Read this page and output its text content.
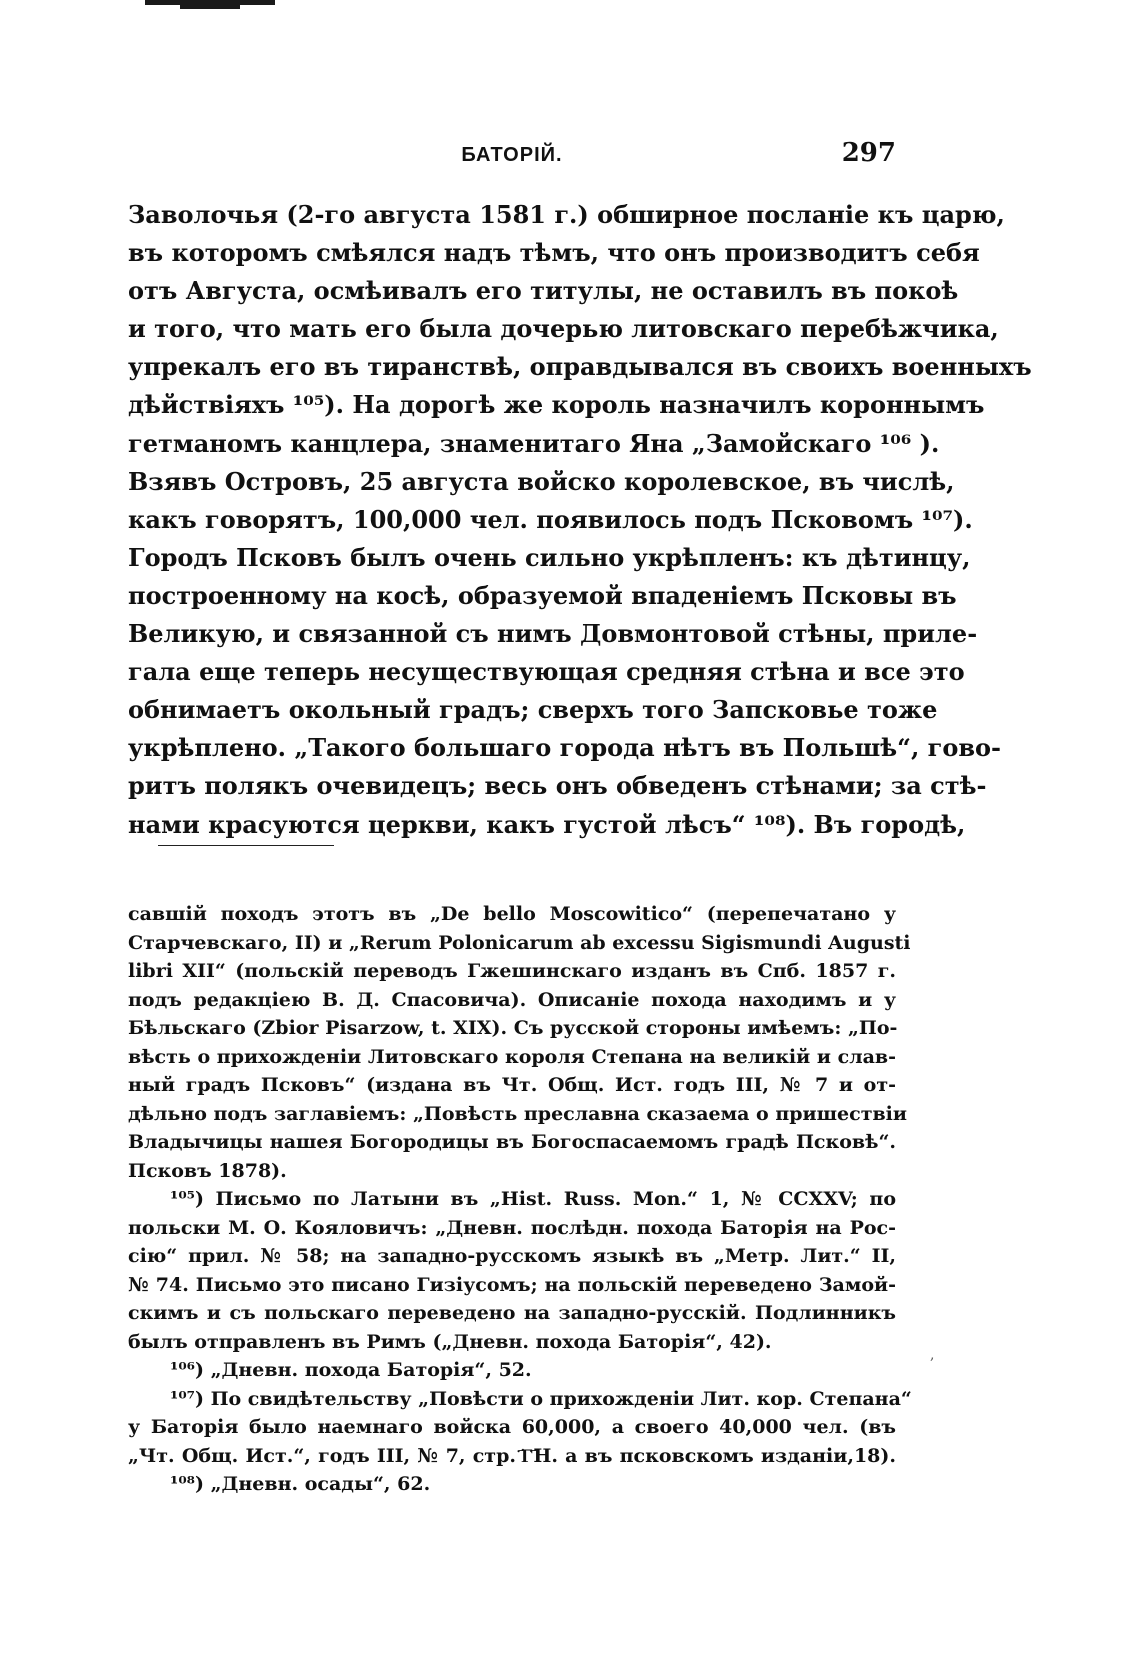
БАТОРІЙ.	297
Заволочья (2-го августа 1581 г.) обширное посланіе къ царю,
въ которомъ смѣялся надъ тѣмъ, что онъ производитъ себя
отъ Августа, осмѣивалъ его титулы, не оставилъ въ покоѣ
и того, что мать его была дочерью литовскаго перебѣжчика,
упрекалъ его въ тиранствѣ, оправдывался въ своихъ военныхъ
дѣйствіяхъ ¹⁰⁵). На дорогѣ же король назначилъ короннымъ
гетманомъ канцлера, знаменитаго Яна „Замойскаго ¹⁰⁶ ).
Взявъ Островъ, 25 августа войско королевское, въ числѣ,
какъ говорятъ, 100,000 чел. появилось подъ Псковомъ ¹⁰⁷).
Городъ Псковъ былъ очень сильно укрѣпленъ: къ дѣтинцу,
построенному на косѣ, образуемой впаденіемъ Псковы въ
Великую, и связанной съ нимъ Довмонтовой стѣны, приле-
гала еще теперь несуществующая средняя стѣна и все это
обнимаетъ окольный градъ; сверхъ того Запсковье тоже
укрѣплено. „Такого большаго города нѣтъ въ Польшѣ“, гово-
ритъ полякъ очевидецъ; весь онъ обведенъ стѣнами; за стѣ-
нами красуются церкви, какъ густой лѣсъ“ ¹⁰⁸). Въ городѣ,
савшій походъ этотъ въ „De bello Moscowitico“ (перепечатано у
Старчевскаго, II) и „Rerum Polonicarum ab excessu Sigismundi Augusti
libri XII“ (польскій переводъ Гжешинскаго изданъ въ Спб. 1857 г.
подъ редакціею В. Д. Спасовича). Описаніе похода находимъ и у
Бѣльскаго (Zbior Pisarzow, t. XIX). Съ русской стороны имѣемъ: „По-
вѣсть о прихожденіи Литовскаго короля Степана на великій и слав-
ный градъ Псковъ“ (издана въ Чт. Общ. Ист. годъ III, № 7 и от-
дѣльно подъ заглавіемъ: „Повѣсть преславна сказаема о пришествіи
Владычицы нашея Богородицы въ Богоспасаемомъ градѣ Псковѣ“.
Псковъ 1878).
¹⁰⁵) Письмо по Латыни въ „Hist. Russ. Mon.“ 1, № CCXXV; по
польски М. О. Кояловичъ: „Дневн. послѣдн. похода Баторія на Рос-
сію“ прил. № 58; на западно-русскомъ языкѣ въ „Метр. Лит.“ II,
№ 74. Письмо это писано Гизіусомъ; на польскій переведено Замой-
скимъ и съ польскаго переведено на западно-русскій. Подлинникъ
былъ отправленъ въ Римъ („Дневн. похода Баторія“, 42).
¹⁰⁶) „Дневн. похода Баторія“, 52.
¹⁰⁷) По свидѣтельству „Повѣсти о прихожденіи Лит. кор. Степана“
у Баторія было наемнаго войска 60,000, а своего 40,000 чел. (въ
„Чт. Общ. Ист.“, годъ III, № 7, стр. ҃Г҃Н. а въ псковскомъ изданіи,18).
¹⁰⁸) „Дневн. осады“, 62.
,
